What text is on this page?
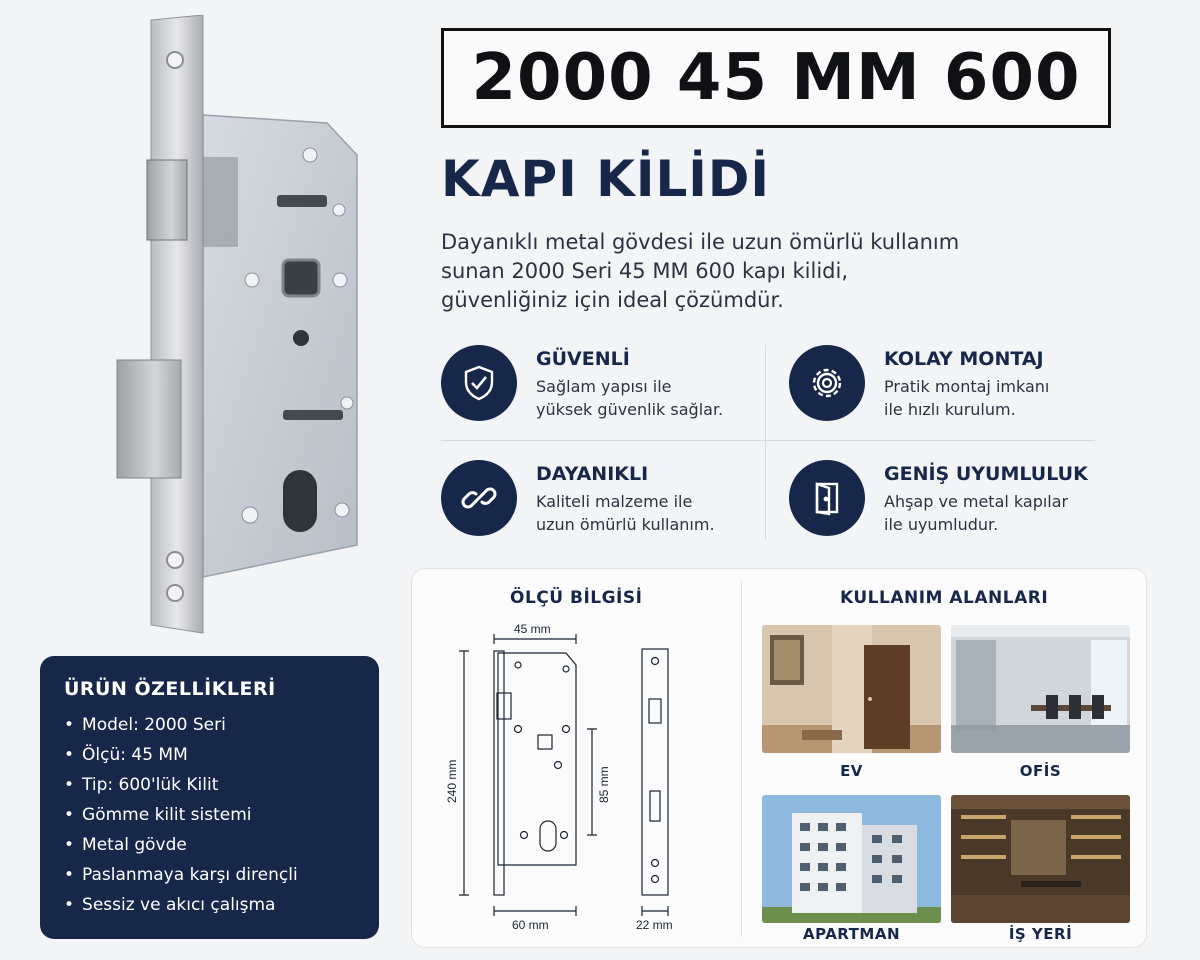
2000 45 MM 600
KAPI KİLİDİ
Dayanıklı metal gövdesi ile uzun ömürlü kullanım
sunan 2000 Seri 45 MM 600 kapı kilidi,
güvenliğiniz için ideal çözümdür.
GÜVENLİ
Sağlam yapısı ile
yüksek güvenlik sağlar.
KOLAY MONTAJ
Pratik montaj imkanı
ile hızlı kurulum.
DAYANIKLI
Kaliteli malzeme ile
uzun ömürlü kullanım.
GENİŞ UYUMLULUK
Ahşap ve metal kapılar
ile uyumludur.
ÜRÜN ÖZELLİKLERİ
• Model: 2000 Seri
• Ölçü: 45 MM
• Tip: 600'lük Kilit
• Gömme kilit sistemi
• Metal gövde
• Paslanmaya karşı dirençli
• Sessiz ve akıcı çalışma
ÖLÇÜ BİLGİSİ	KULLANIM ALANLARI
45 mm
240 mm	85 mm
60 mm	22 mm
EV	OFİS
APARTMAN	İŞ YERİ
